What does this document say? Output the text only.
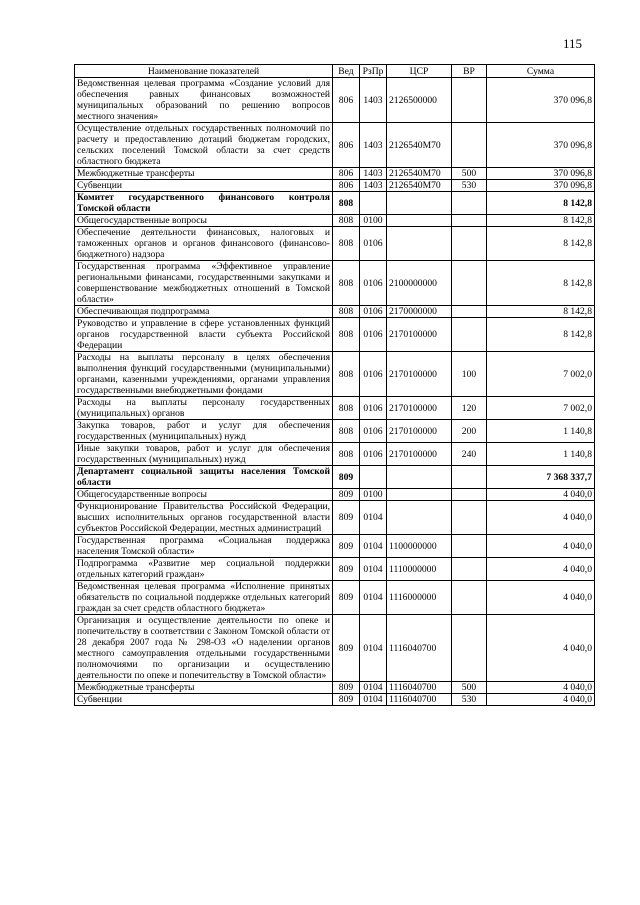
115
Наименование показателей	Вед	РзПр	ЦСР	ВР	Сумма
Ведомственная целевая программа «Создание условий для обеспечения равных финансовых возможностей муниципальных образований по решению вопросов местного значения»	806	1403	2126500000		370 096,8
Осуществление отдельных государственных полномочий по расчету и предоставлению дотаций бюджетам городских, сельских поселений Томской области за счет средств областного бюджета	806	1403	2126540М70		370 096,8
Межбюджетные трансферты	806	1403	2126540М70	500	370 096,8
Субвенции	806	1403	2126540М70	530	370 096,8
Комитет государственного финансового контроля Томской области	808				8 142,8
Общегосударственные вопросы	808	0100			8 142,8
Обеспечение деятельности финансовых, налоговых и таможенных органов и органов финансового (финансово-бюджетного) надзора	808	0106			8 142,8
Государственная программа «Эффективное управление региональными финансами, государственными закупками и совершенствование межбюджетных отношений в Томской области»	808	0106	2100000000		8 142,8
Обеспечивающая подпрограмма	808	0106	2170000000		8 142,8
Руководство и управление в сфере установленных функций органов государственной власти субъекта Российской Федерации	808	0106	2170100000		8 142,8
Расходы на выплаты персоналу в целях обеспечения выполнения функций государственными (муниципальными) органами, казенными учреждениями, органами управления государственными внебюджетными фондами	808	0106	2170100000	100	7 002,0
Расходы на выплаты персоналу государственных (муниципальных) органов	808	0106	2170100000	120	7 002,0
Закупка товаров, работ и услуг для обеспечения государственных (муниципальных) нужд	808	0106	2170100000	200	1 140,8
Иные закупки товаров, работ и услуг для обеспечения государственных (муниципальных) нужд	808	0106	2170100000	240	1 140,8
Департамент социальной защиты населения Томской области	809				7 368 337,7
Общегосударственные вопросы	809	0100			4 040,0
Функционирование Правительства Российской Федерации, высших исполнительных органов государственной власти субъектов Российской Федерации, местных администраций	809	0104			4 040,0
Государственная программа «Социальная поддержка населения Томской области»	809	0104	1100000000		4 040,0
Подпрограмма «Развитие мер социальной поддержки отдельных категорий граждан»	809	0104	1110000000		4 040,0
Ведомственная целевая программа «Исполнение принятых обязательств по социальной поддержке отдельных категорий граждан за счет средств областного бюджета»	809	0104	1116000000		4 040,0
Организация и осуществление деятельности по опеке и попечительству в соответствии с Законом Томской области от 28 декабря 2007 года № 298-ОЗ «О наделении органов местного самоуправления отдельными государственными полномочиями по организации и осуществлению деятельности по опеке и попечительству в Томской области»	809	0104	1116040700		4 040,0
Межбюджетные трансферты	809	0104	1116040700	500	4 040,0
Субвенции	809	0104	1116040700	530	4 040,0
